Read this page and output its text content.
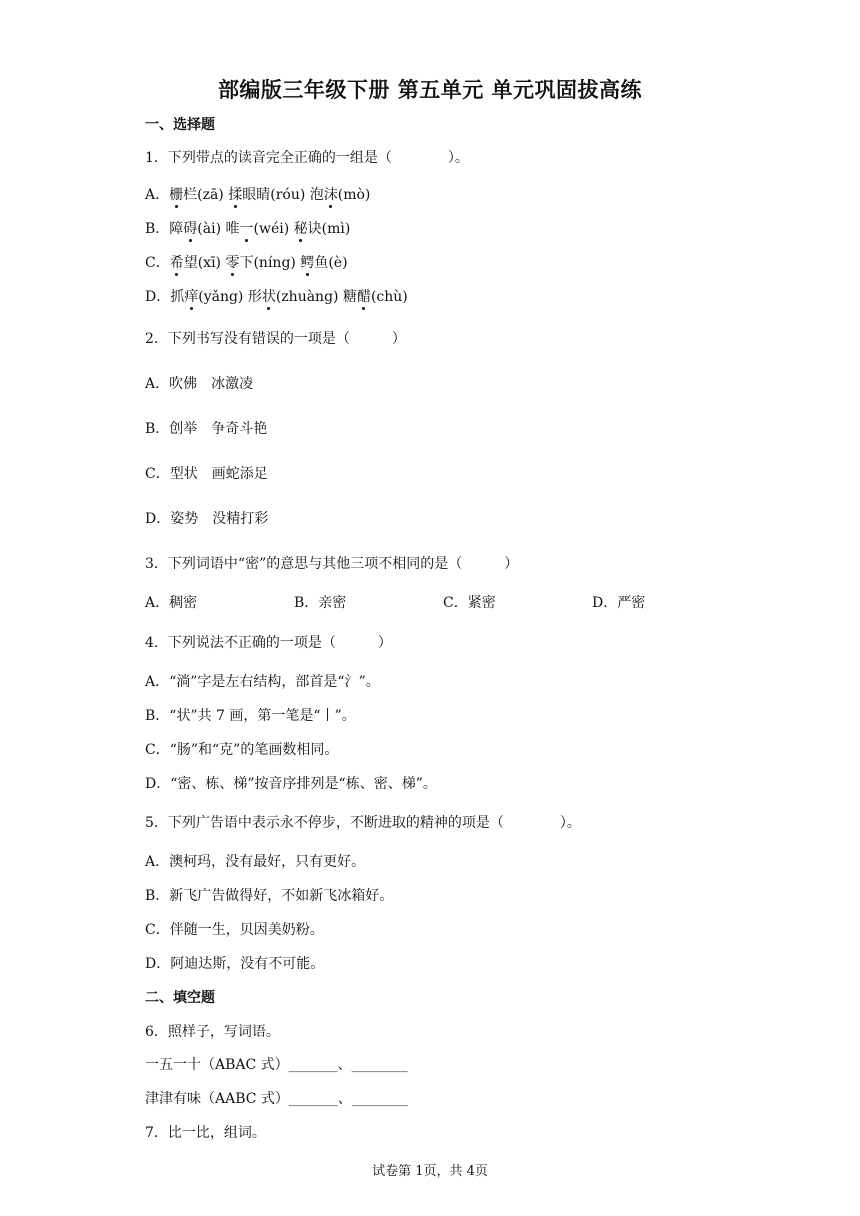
部编版三年级下册 第五单元 单元巩固拔高练
一、选择题
1．下列带点的读音完全正确的一组是（　　　　）。
A．栅栏(zā) 揉眼睛(róu) 泡沫(mò)
B．障碍(ài) 唯一(wéi) 秘诀(mì)
C．希望(xī) 零下(níng) 鳄鱼(è)
D．抓痒(yǎng) 形状(zhuàng) 糖醋(chù)
2．下列书写没有错误的一项是（　　　）
A．吹佛　冰激凌
B．创举　争奇斗艳
C．型状　画蛇添足
D．姿势　没精打彩
3．下列词语中“密”的意思与其他三项不相同的是（　　　）
A．稠密	B．亲密	C．紧密	D．严密
4．下列说法不正确的一项是（　　　）
A．“淌”字是左右结构，部首是“氵”。
B．“状”共 7 画，第一笔是“丨”。
C．“肠”和“克”的笔画数相同。
D．“密、栋、梯”按音序排列是“栋、密、梯”。
5．下列广告语中表示永不停步，不断进取的精神的项是（　　　　）。
A．澳柯玛，没有最好，只有更好。
B．新飞广告做得好，不如新飞冰箱好。
C．伴随一生，贝因美奶粉。
D．阿迪达斯，没有不可能。
二、填空题
6．照样子，写词语。
一五一十（ABAC 式）_______、________
津津有味（AABC 式）_______、________
7．比一比，组词。
试卷第 1页，共 4页
